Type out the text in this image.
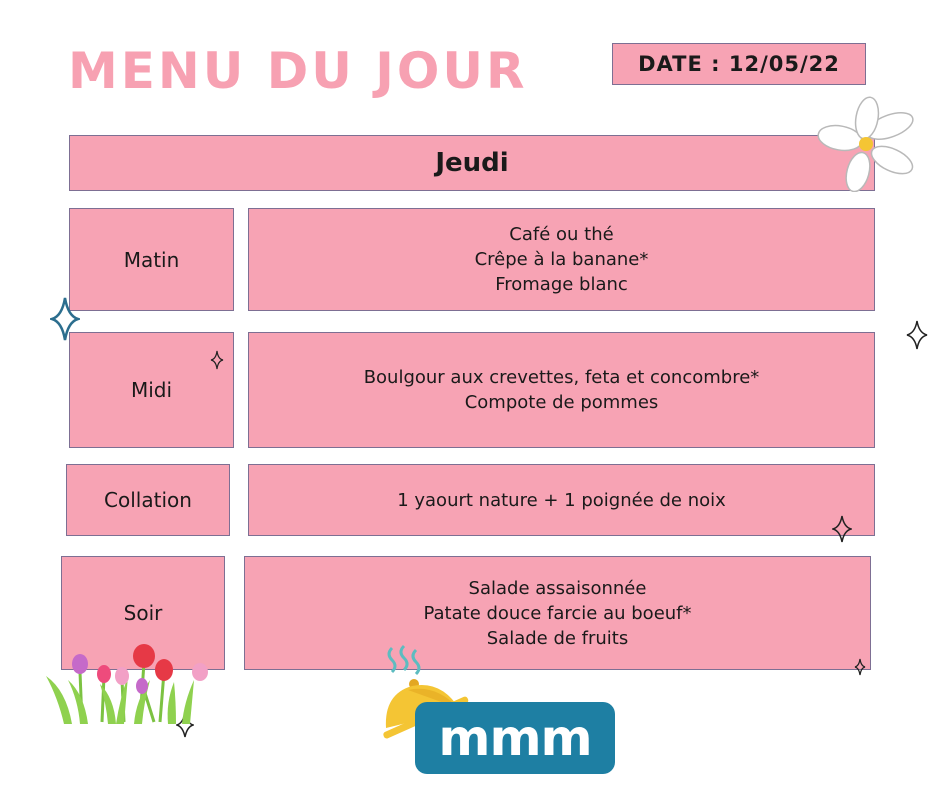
MENU DU JOUR	DATE : 12/05/22
Jeudi
Matin
Café ou thé
Crêpe à la banane*
Fromage blanc
Midi
Boulgour aux crevettes, feta et concombre*
Compote de pommes
Collation	1 yaourt nature + 1 poignée de noix
Soir
Salade assaisonnée
Patate douce farcie au boeuf*
Salade de fruits
mmm
